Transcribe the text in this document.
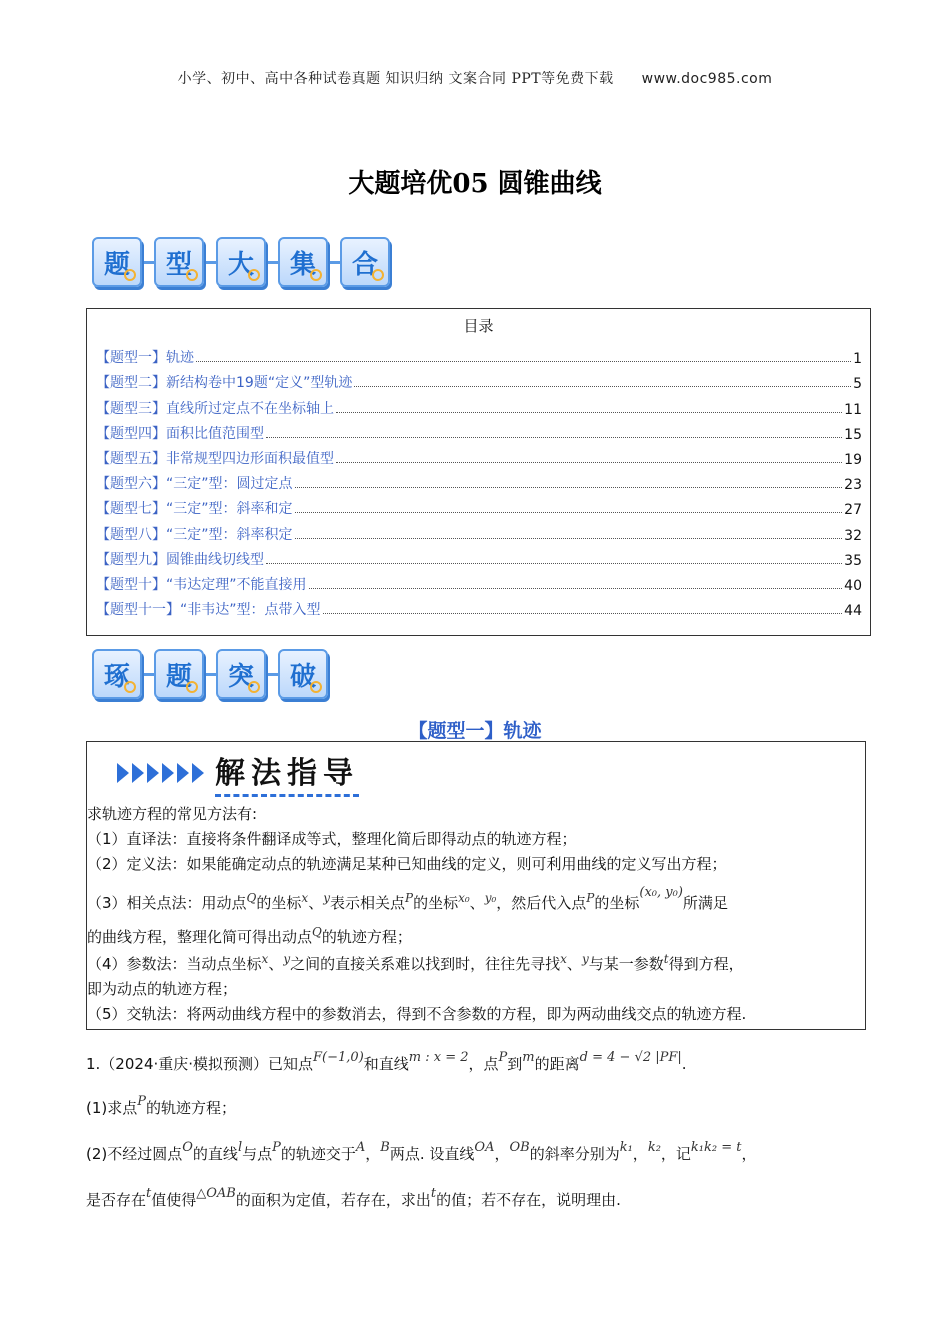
小学、初中、高中各种试卷真题 知识归纳 文案合同 PPT等免费下载 www.doc985.com
大题培优05 圆锥曲线
题	型	大	集	合
目录
【题型一】轨迹	1
【题型二】新结构卷中19题“定义”型轨迹	5
【题型三】直线所过定点不在坐标轴上	11
【题型四】面积比值范围型	15
【题型五】非常规型四边形面积最值型	19
【题型六】“三定”型：圆过定点	23
【题型七】“三定”型：斜率和定	27
【题型八】“三定”型：斜率积定	32
【题型九】圆锥曲线切线型	35
【题型十】“韦达定理”不能直接用	40
【题型十一】“非韦达”型：点带入型	44
琢	题	突	破
【题型一】轨迹
解法指导
求轨迹方程的常见方法有:
（1）直译法：直接将条件翻译成等式，整理化简后即得动点的轨迹方程；
（2）定义法：如果能确定动点的轨迹满足某种已知曲线的定义，则可利用曲线的定义写出方程；
（3）相关点法：用动点$^Q$的坐标$^x$、$^y$表示相关点$^P$的坐标$^{x_0}$、$^{y_0}$，然后代入点$^P$的坐标(x₀, y₀)所满足
的曲线方程，整理化简可得出动点$^Q$的轨迹方程；
（4）参数法：当动点坐标$^x$、$^y$之间的直接关系难以找到时，往往先寻找$^x$、$^y$与某一参数$^t$得到方程，
即为动点的轨迹方程；
（5）交轨法：将两动曲线方程中的参数消去，得到不含参数的方程，即为两动曲线交点的轨迹方程.
1.（2024·重庆·模拟预测）已知点F(−1,0)和直线m : x = 2，点P到m的距离d = 4 − √2 |PF|.
(1)求点P的轨迹方程；
(2)不经过圆点O的直线l与点P的轨迹交于A，B两点. 设直线OA，OB的斜率分别为k₁，k₂，记k₁k₂ = t，
是否存在t值使得△OAB的面积为定值，若存在，求出t的值；若不存在，说明理由.
